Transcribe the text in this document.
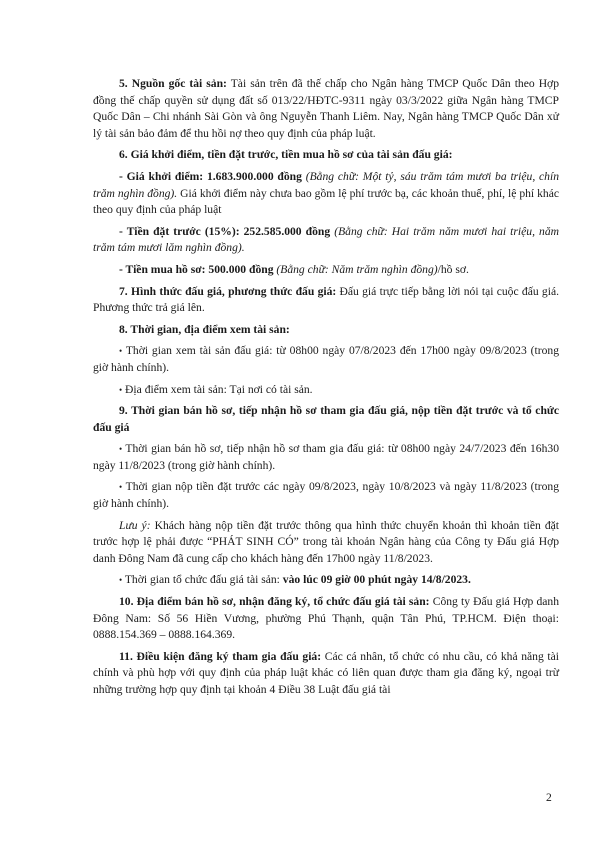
5. Nguồn gốc tài sản: Tài sản trên đã thế chấp cho Ngân hàng TMCP Quốc Dân theo Hợp đồng thế chấp quyền sử dụng đất số 013/22/HĐTC-9311 ngày 03/3/2022 giữa Ngân hàng TMCP Quốc Dân – Chi nhánh Sài Gòn và ông Nguyễn Thanh Liêm. Nay, Ngân hàng TMCP Quốc Dân xử lý tài sản bảo đảm để thu hồi nợ theo quy định của pháp luật.

6. Giá khởi điểm, tiền đặt trước, tiền mua hồ sơ của tài sản đấu giá:

- Giá khởi điểm: 1.683.900.000 đồng (Bằng chữ: Một tỷ, sáu trăm tám mươi ba triệu, chín trăm nghìn đồng). Giá khởi điểm này chưa bao gồm lệ phí trước bạ, các khoản thuế, phí, lệ phí khác theo quy định của pháp luật

- Tiền đặt trước (15%): 252.585.000 đồng (Bằng chữ: Hai trăm năm mươi hai triệu, năm trăm tám mươi lăm nghìn đồng).

- Tiền mua hồ sơ: 500.000 đồng (Bằng chữ: Năm trăm nghìn đồng)/hồ sơ.

7. Hình thức đấu giá, phương thức đấu giá: Đấu giá trực tiếp bằng lời nói tại cuộc đấu giá. Phương thức trả giá lên.

8. Thời gian, địa điểm xem tài sản:

• Thời gian xem tài sản đấu giá: từ 08h00 ngày 07/8/2023 đến 17h00 ngày 09/8/2023 (trong giờ hành chính).

• Địa điểm xem tài sản: Tại nơi có tài sản.

9. Thời gian bán hồ sơ, tiếp nhận hồ sơ tham gia đấu giá, nộp tiền đặt trước và tổ chức đấu giá

• Thời gian bán hồ sơ, tiếp nhận hồ sơ tham gia đấu giá: từ 08h00 ngày 24/7/2023 đến 16h30 ngày 11/8/2023 (trong giờ hành chính).

• Thời gian nộp tiền đặt trước các ngày 09/8/2023, ngày 10/8/2023 và ngày 11/8/2023 (trong giờ hành chính).

Lưu ý: Khách hàng nộp tiền đặt trước thông qua hình thức chuyển khoản thì khoản tiền đặt trước hợp lệ phải được “PHÁT SINH CÓ” trong tài khoản Ngân hàng của Công ty Đấu giá Hợp danh Đông Nam đã cung cấp cho khách hàng đến 17h00 ngày 11/8/2023.

• Thời gian tổ chức đấu giá tài sản: vào lúc 09 giờ 00 phút ngày 14/8/2023.

10. Địa điểm bán hồ sơ, nhận đăng ký, tổ chức đấu giá tài sản: Công ty Đấu giá Hợp danh Đông Nam: Số 56 Hiền Vương, phường Phú Thạnh, quận Tân Phú, TP.HCM. Điện thoại: 0888.154.369 – 0888.164.369.

11. Điều kiện đăng ký tham gia đấu giá: Các cá nhân, tổ chức có nhu cầu, có khả năng tài chính và phù hợp với quy định của pháp luật khác có liên quan được tham gia đăng ký, ngoại trừ những trường hợp quy định tại khoản 4 Điều 38 Luật đấu giá tài

2
